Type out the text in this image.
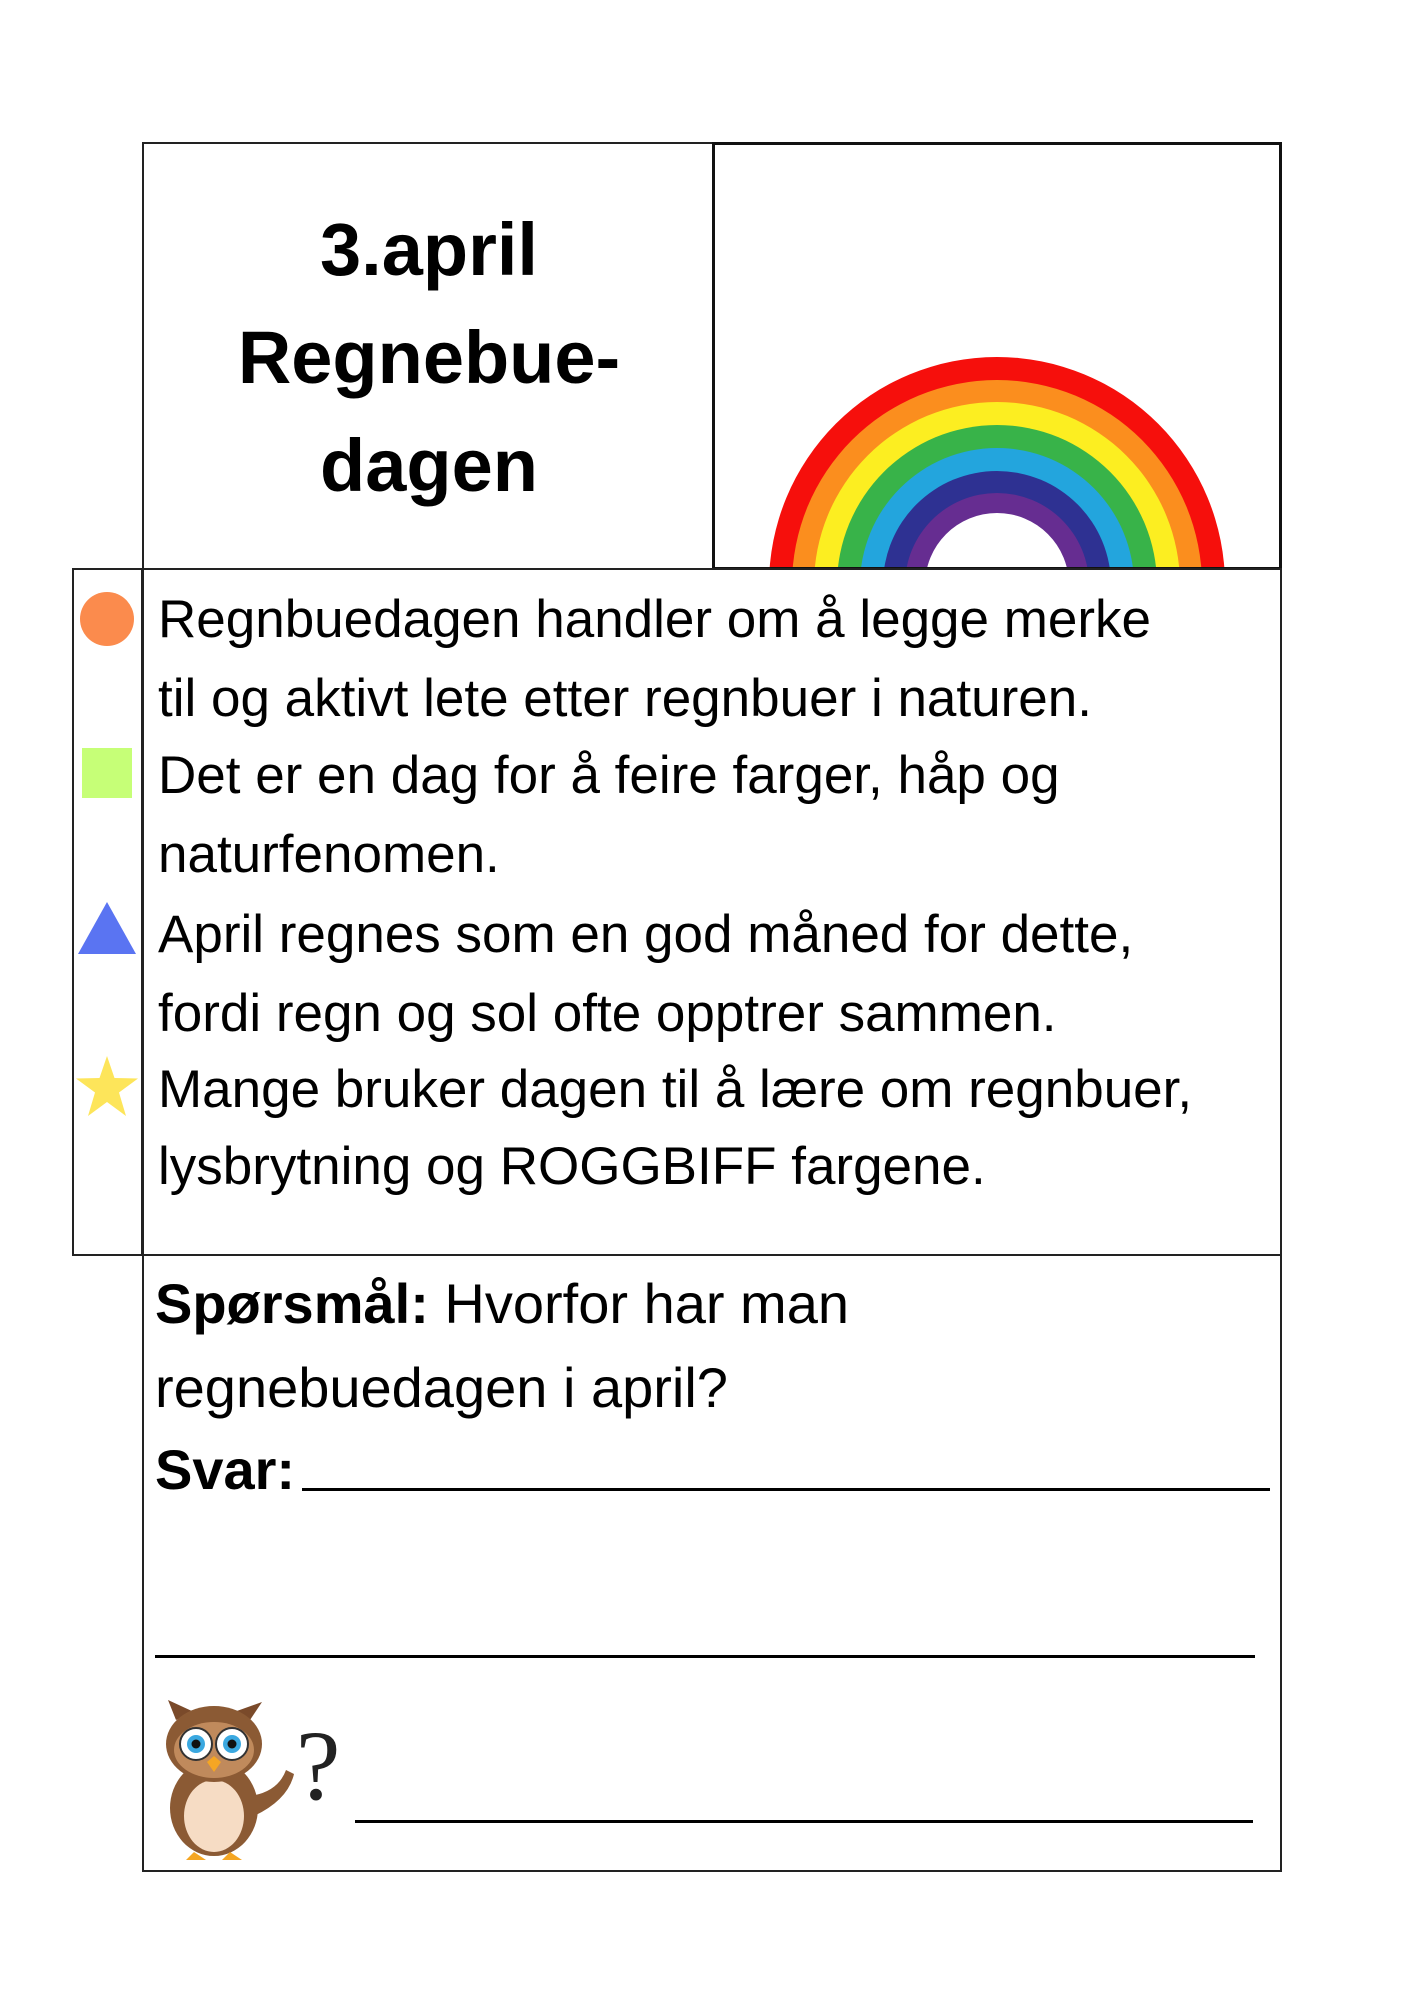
3.april
Regnebue-
dagen
Regnbuedagen handler om å legge merke
til og aktivt lete etter regnbuer i naturen.
Det er en dag for å feire farger, håp og
naturfenomen.
April regnes som en god måned for dette,
fordi regn og sol ofte opptrer sammen.
Mange bruker dagen til å lære om regnbuer,
lysbrytning og ROGGBIFF fargene.
Spørsmål: Hvorfor har man
regnebuedagen i april?
Svar:
?
